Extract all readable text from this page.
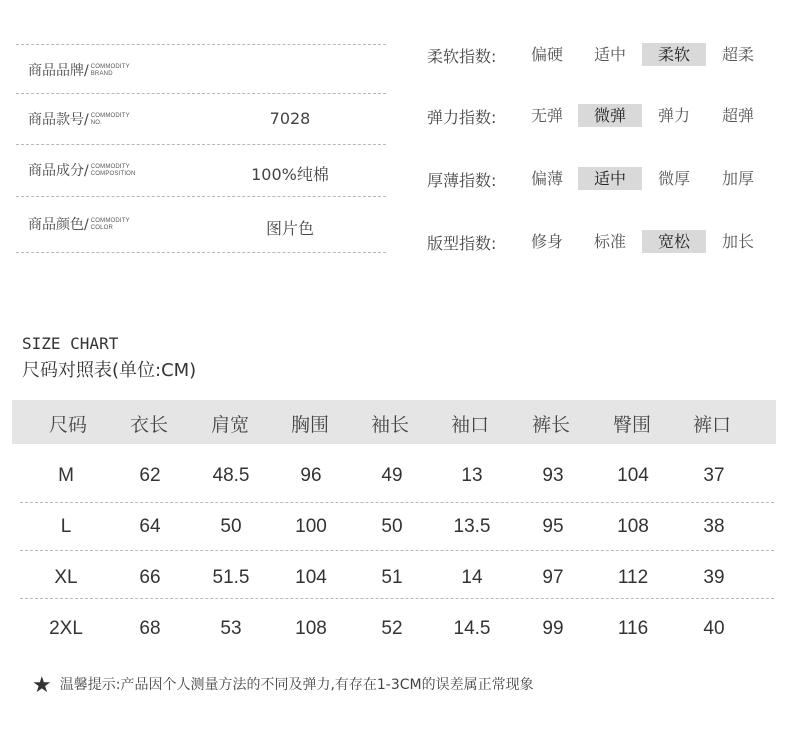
商品品牌/ COMMODITY
BRAND
商品款号/ COMMODITY
NO.	7028
商品成分/ COMMODITY
COMPOSITION	100%纯棉
商品颜色/ COMMODITY
COLOR	图片色
柔软指数:	偏硬	适中	柔软	超柔
弹力指数:	无弹	微弹	弹力	超弹
厚薄指数:	偏薄	适中	微厚	加厚
版型指数:	修身	标准	宽松	加长
SIZE CHART
尺码对照表(单位:CM)
尺码	衣长	肩宽	胸围	袖长	袖口	裤长	臀围	裤口
M	62	48.5	96	49	13	93	104	37
L	64	50	100	50	13.5	95	108	38
XL	66	51.5	104	51	14	97	112	39
2XL	68	53	108	52	14.5	99	116	40
★ 温馨提示:产品因个人测量方法的不同及弹力,有存在1-3CM的误差属正常现象
